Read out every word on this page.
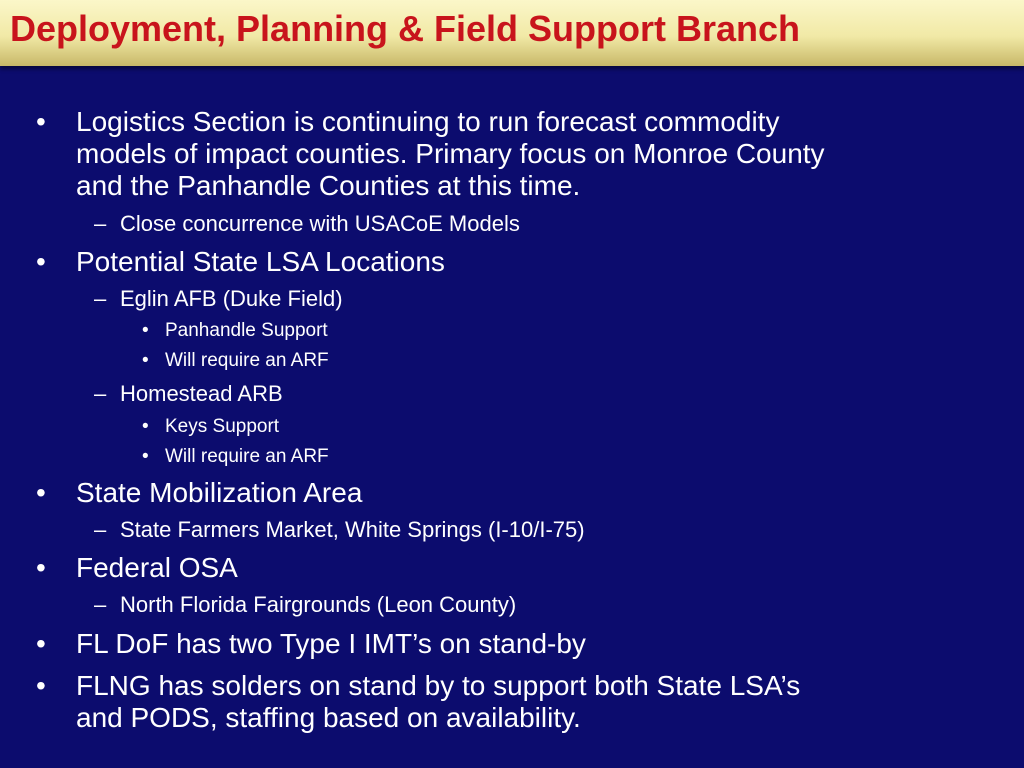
Deployment, Planning & Field Support Branch
• Logistics Section is continuing to run forecast commodity
models of impact counties. Primary focus on Monroe County
and the Panhandle Counties at this time.
– Close concurrence with USACoE Models
• Potential State LSA Locations
– Eglin AFB (Duke Field)
• Panhandle Support
• Will require an ARF
– Homestead ARB
• Keys Support
• Will require an ARF
• State Mobilization Area
– State Farmers Market, White Springs (I-10/I-75)
• Federal OSA
– North Florida Fairgrounds (Leon County)
• FL DoF has two Type I IMT’s on stand-by
• FLNG has solders on stand by to support both State LSA’s
and PODS, staffing based on availability.
